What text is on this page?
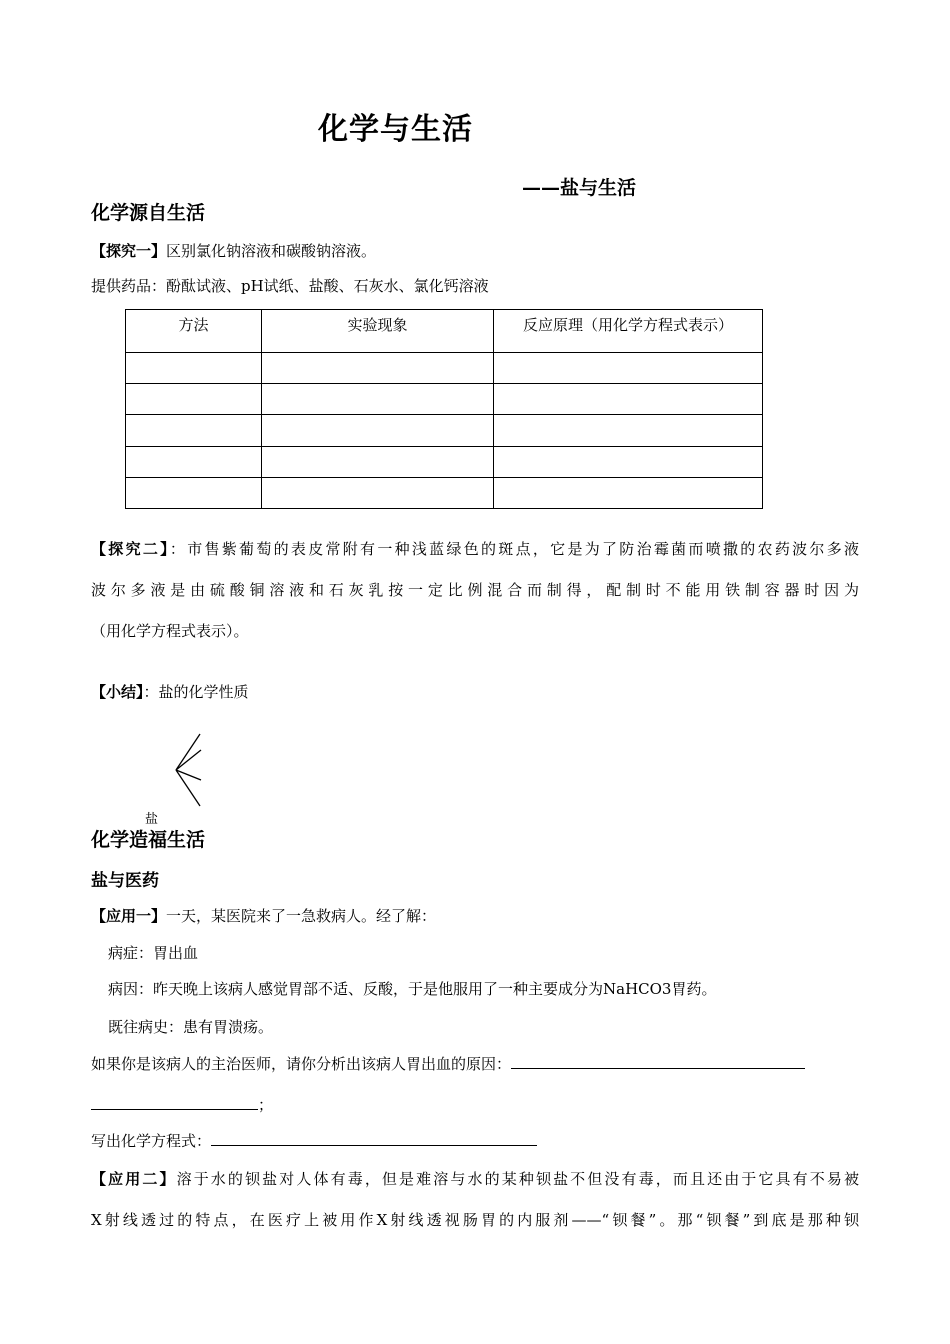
化学与生活
——盐与生活
化学源自生活
【探究一】区别氯化钠溶液和碳酸钠溶液。
提供药品：酚酞试液、pH试纸、盐酸、石灰水、氯化钙溶液
方法	实验现象	反应原理（用化学方程式表示）

【探究二】：市售紫葡萄的表皮常附有一种浅蓝绿色的斑点，它是为了防治霉菌而喷撒的农药波尔多液
波尔多液是由硫酸铜溶液和石灰乳按一定比例混合而制得，配制时不能用铁制容器时因为
（用化学方程式表示）。
【小结】：盐的化学性质
盐
化学造福生活
盐与医药
【应用一】一天，某医院来了一急救病人。经了解：
病症：胃出血
病因：昨天晚上该病人感觉胃部不适、反酸，于是他服用了一种主要成分为NaHCO3胃药。
既往病史：患有胃溃疡。
如果你是该病人的主治医师，请你分析出该病人胃出血的原因：
；
写出化学方程式：
【应用二】溶于水的钡盐对人体有毒，但是难溶与水的某种钡盐不但没有毒，而且还由于它具有不易被
X射线透过的特点，在医疗上被用作X射线透视肠胃的内服剂——“钡餐”。那“钡餐”到底是那种钡
